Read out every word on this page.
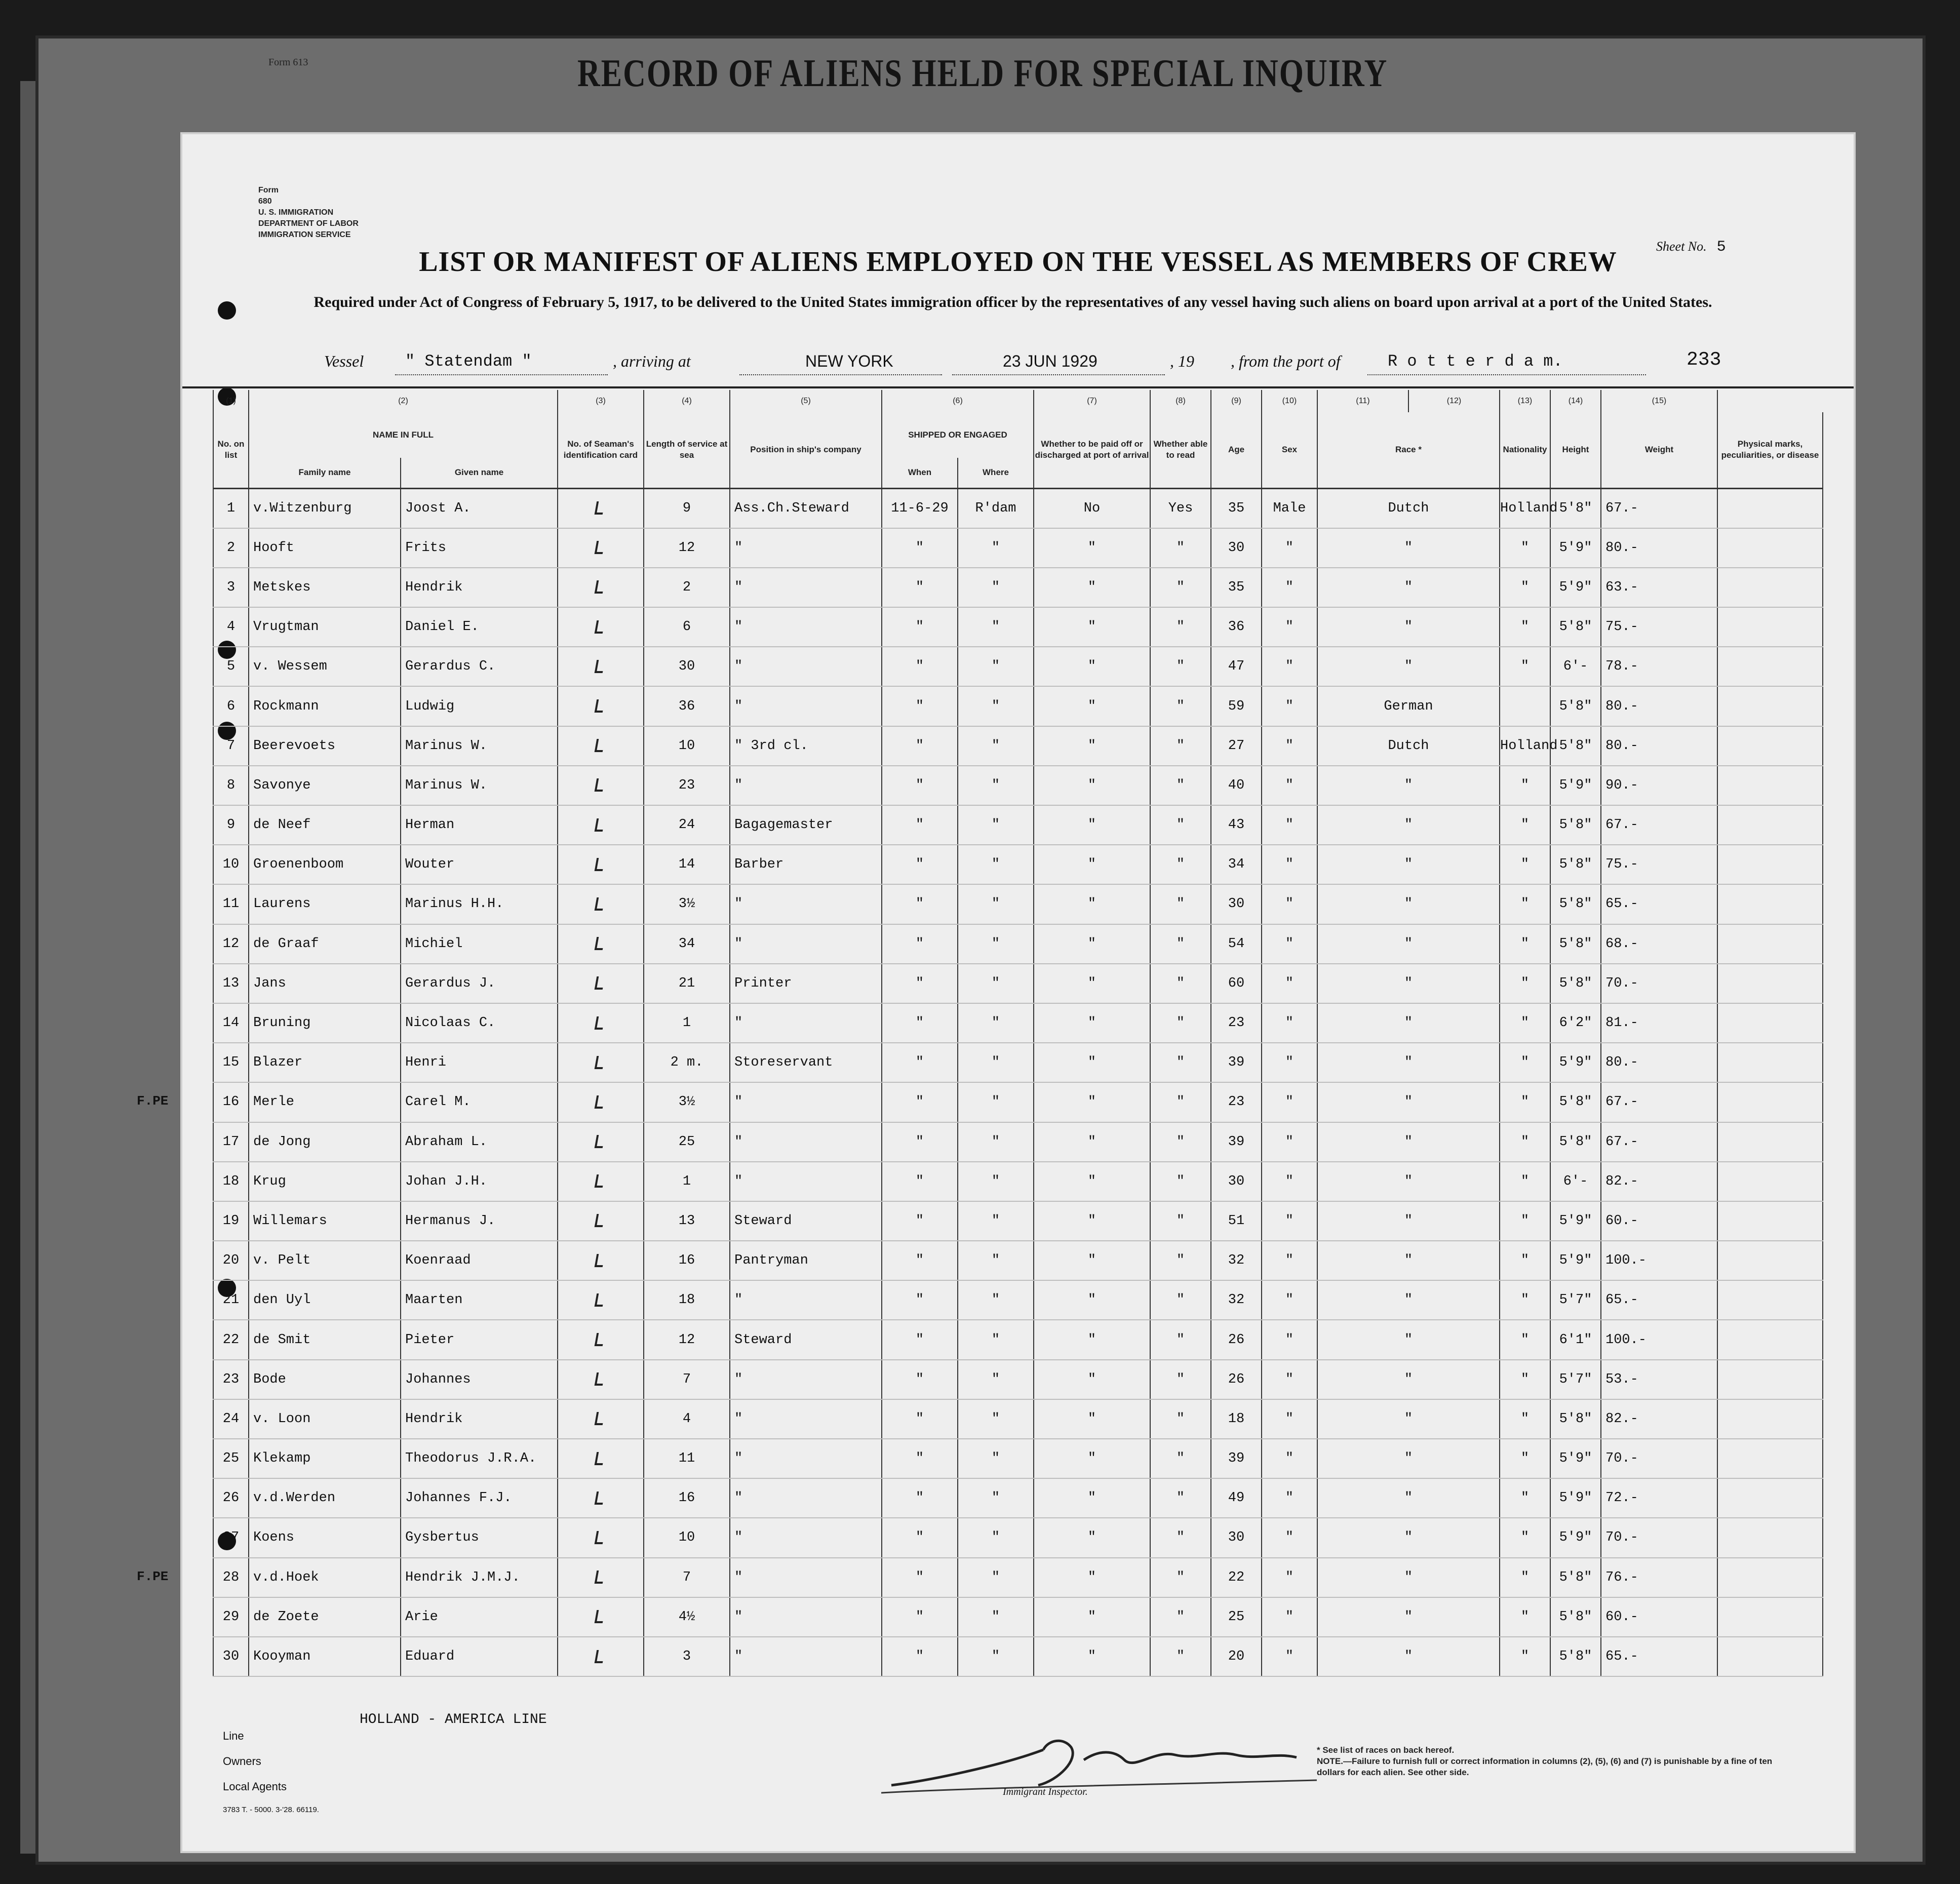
Form 613	RECORD OF ALIENS HELD FOR SPECIAL INQUIRY
Form
680
U. S. IMMIGRATION
DEPARTMENT OF LABOR
IMMIGRATION SERVICE
Sheet No. 5
LIST OR MANIFEST OF ALIENS EMPLOYED ON THE VESSEL AS MEMBERS OF CREW
Required under Act of Congress of February 5, 1917, to be delivered to the United States immigration officer by the representatives of any vessel having such aliens on board upon arrival at a port of the United States.
Vessel	" Statendam "	, arriving at	NEW YORK	23 JUN 1929	, 19 , from the port of	R o t t e r d a m.	233
(1)	(2)		(3)	(4)	(5)	(6)		(7)	(8)	(9)	(10)	(11)	(12)	(13)	(14)	(15)	
No. on list	NAME IN FULL		No. of Seaman's identification card	Length of service at sea	Position in ship's company	SHIPPED OR ENGAGED		Whether to be paid off or discharged at port of arrival	Whether able to read	Age	Sex	Race *		Nationality	Height	Weight	Physical marks, peculiarities, or disease
	Family name	Given name				When	Where										
1	v.Witzenburg	Joost A.		9	Ass.Ch.Steward	11-6-29	R'dam	No	Yes	35	Male	Dutch		Holland	5'8"	67.-	
2	Hooft	Frits		12	"	"	"	"	"	30	"	"		"	5'9"	80.-	
3	Metskes	Hendrik		2	"	"	"	"	"	35	"	"		"	5'9"	63.-	
4	Vrugtman	Daniel E.		6	"	"	"	"	"	36	"	"		"	5'8"	75.-	
5	v. Wessem	Gerardus C.		30	"	"	"	"	"	47	"	"		"	6'-	78.-	
6	Rockmann	Ludwig		36	"	"	"	"	"	59	"	German			5'8"	80.-	
7	Beerevoets	Marinus W.		10	" 3rd cl.	"	"	"	"	27	"	Dutch		Holland	5'8"	80.-	
8	Savonye	Marinus W.		23	"	"	"	"	"	40	"	"		"	5'9"	90.-	
9	de Neef	Herman		24	Bagagemaster	"	"	"	"	43	"	"		"	5'8"	67.-	
10	Groenenboom	Wouter		14	Barber	"	"	"	"	34	"	"		"	5'8"	75.-	
11	Laurens	Marinus H.H.		3½	"	"	"	"	"	30	"	"		"	5'8"	65.-	
12	de Graaf	Michiel		34	"	"	"	"	"	54	"	"		"	5'8"	68.-	
13	Jans	Gerardus J.		21	Printer	"	"	"	"	60	"	"		"	5'8"	70.-	
14	Bruning	Nicolaas C.		1	"	"	"	"	"	23	"	"		"	6'2"	81.-	
15	Blazer	Henri		2 m.	Storeservant	"	"	"	"	39	"	"		"	5'9"	80.-	
16	Merle	Carel M.		3½	"	"	"	"	"	23	"	"		"	5'8"	67.-	
17	de Jong	Abraham L.		25	"	"	"	"	"	39	"	"		"	5'8"	67.-	
18	Krug	Johan J.H.		1	"	"	"	"	"	30	"	"		"	6'-	82.-	
19	Willemars	Hermanus J.		13	Steward	"	"	"	"	51	"	"		"	5'9"	60.-	
20	v. Pelt	Koenraad		16	Pantryman	"	"	"	"	32	"	"		"	5'9"	100.-	
21	den Uyl	Maarten		18	"	"	"	"	"	32	"	"		"	5'7"	65.-	
22	de Smit	Pieter		12	Steward	"	"	"	"	26	"	"		"	6'1"	100.-	
23	Bode	Johannes		7	"	"	"	"	"	26	"	"		"	5'7"	53.-	
24	v. Loon	Hendrik		4	"	"	"	"	"	18	"	"		"	5'8"	82.-	
25	Klekamp	Theodorus J.R.A.		11	"	"	"	"	"	39	"	"		"	5'9"	70.-	
26	v.d.Werden	Johannes F.J.		16	"	"	"	"	"	49	"	"		"	5'9"	72.-	
27	Koens	Gysbertus		10	"	"	"	"	"	30	"	"		"	5'9"	70.-	
28	v.d.Hoek	Hendrik J.M.J.		7	"	"	"	"	"	22	"	"		"	5'8"	76.-	
29	de Zoete	Arie		4½	"	"	"	"	"	25	"	"		"	5'8"	60.-	
30	Kooyman	Eduard		3	"	"	"	"	"	20	"	"		"	5'8"	65.-	
HOLLAND - AMERICA LINE
Line
Owners
Local Agents
3783 T. - 5000. 3-'28. 66119.
Immigrant Inspector.
* See list of races on back hereof.
NOTE.—Failure to furnish full or correct information in columns (2), (5), (6) and (7) is punishable by a fine of ten dollars for each alien. See other side.
F.PE
F.PE
